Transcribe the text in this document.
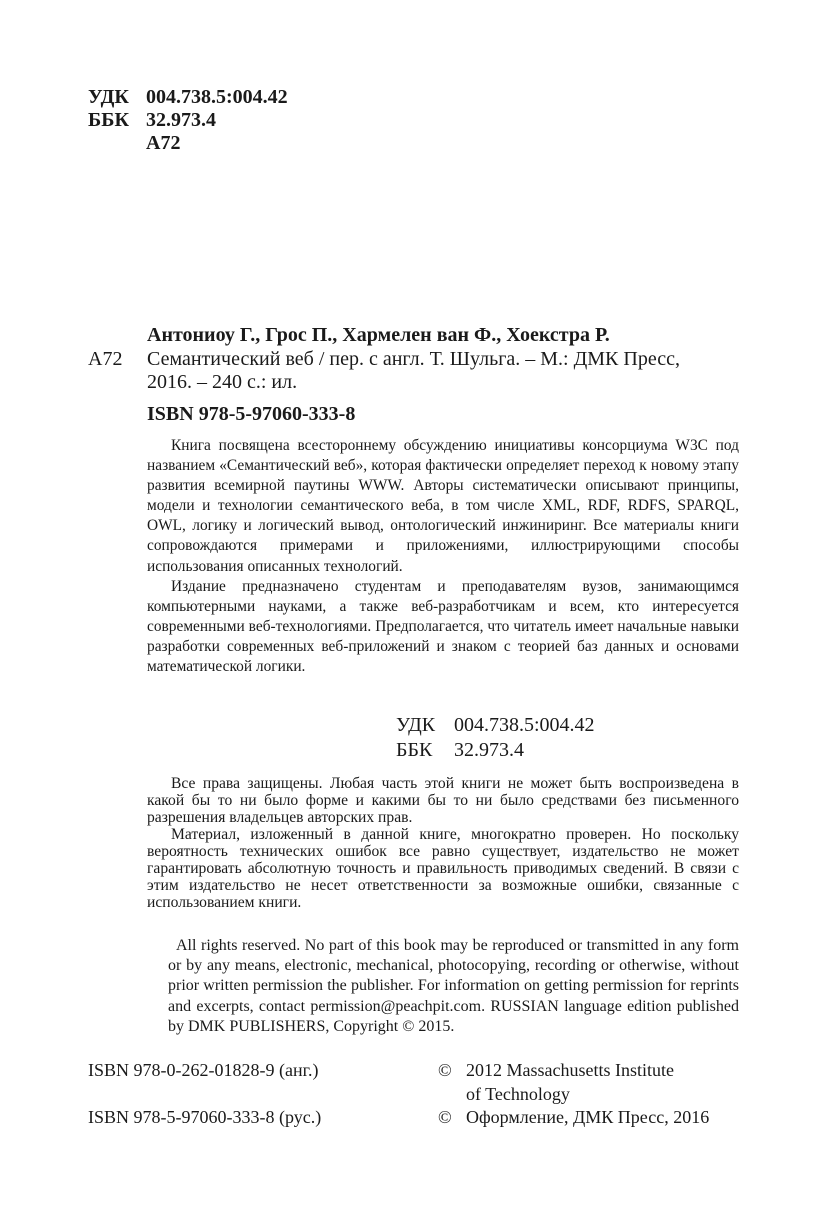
УДК 004.738.5:004.42
ББК 32.973.4
А72
Антониоу Г., Грос П., Хармелен ван Ф., Хоекстра Р.
А72 Семантический веб / пер. с англ. Т. Шульга. – М.: ДМК Пресс,
2016. – 240 с.: ил.
ISBN 978-5-97060-333-8

Книга посвящена всестороннему обсуждению инициативы консорциума W3C под названием «Семантический веб», которая фактически определяет переход к новому этапу развития всемирной паутины WWW. Авторы систематически описывают принципы, модели и технологии семантического веба, в том числе XML, RDF, RDFS, SPARQL, OWL, логику и логический вывод, онтологический инжиниринг. Все материалы книги сопровождаются примерами и приложениями, иллюстрирующими способы использования описанных технологий.

Издание предназначено студентам и преподавателям вузов, занимающимся компьютерными науками, а также веб-разработчикам и всем, кто интересуется современными веб-технологиями. Предполагается, что читатель имеет начальные навыки разработки современных веб-приложений и знаком с теорией баз данных и основами математической логики.

УДК 004.738.5:004.42
ББК 32.973.4

Все права защищены. Любая часть этой книги не может быть воспроизведена в какой бы то ни было форме и какими бы то ни было средствами без письменного разрешения владельцев авторских прав.

Материал, изложенный в данной книге, многократно проверен. Но поскольку вероятность технических ошибок все равно существует, издательство не может гарантировать абсолютную точность и правильность приводимых сведений. В связи с этим издательство не несет ответственности за возможные ошибки, связанные с использованием книги.

All rights reserved. No part of this book may be reproduced or transmitted in any form or by any means, electronic, mechanical, photocopying, recording or otherwise, without prior written permission the publisher. For information on getting permission for reprints and excerpts, contact permission@peachpit.com. RUSSIAN language edition published by DMK PUBLISHERS, Copyright © 2015.

ISBN 978-0-262-01828-9 (анг.)
ISBN 978-5-97060-333-8 (рус.)
© 2012 Massachusetts Institute
of Technology
© Оформление, ДМК Пресс, 2016
